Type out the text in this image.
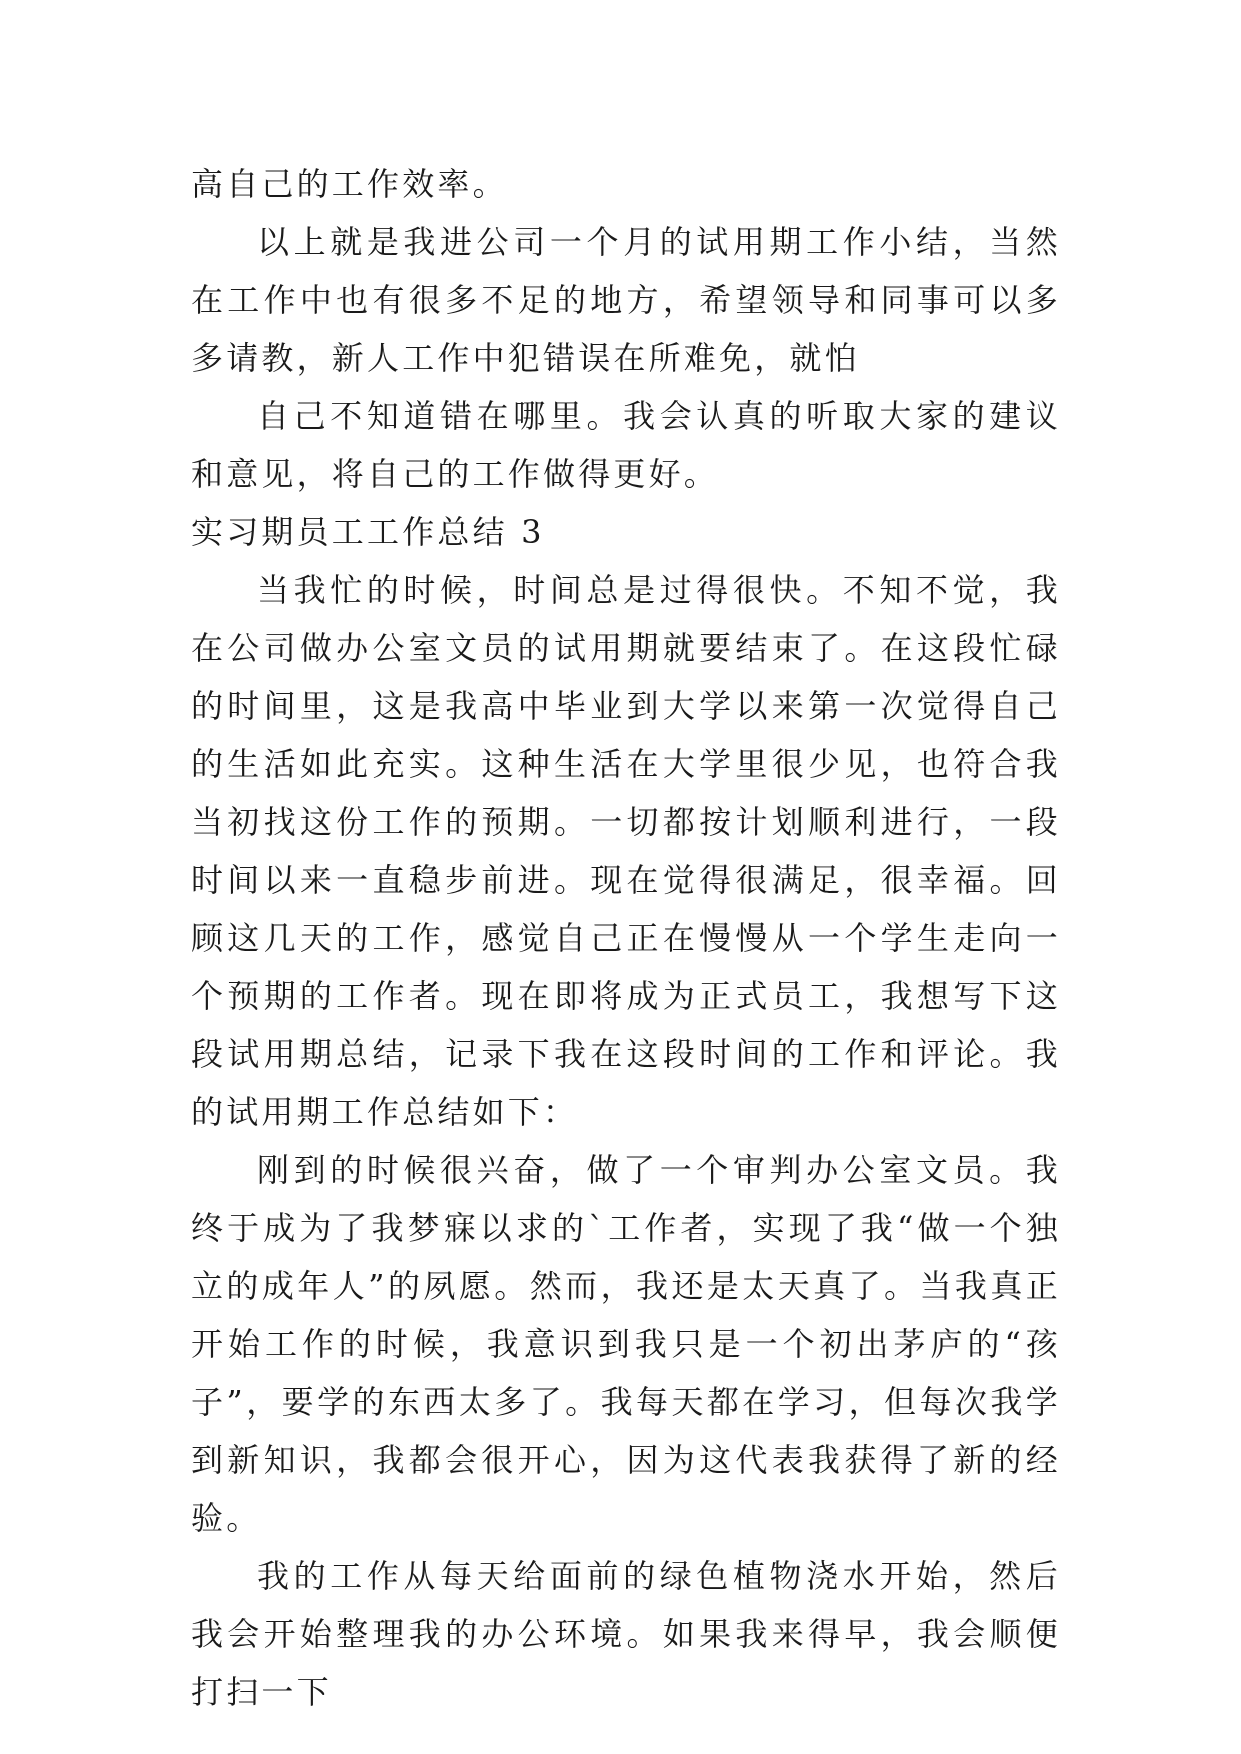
高自己的工作效率。

以上就是我进公司一个月的试用期工作小结，当然在工作中也有很多不足的地方，希望领导和同事可以多多请教，新人工作中犯错误在所难免，就怕

自己不知道错在哪里。我会认真的听取大家的建议和意见，将自己的工作做得更好。

实习期员工工作总结 3

当我忙的时候，时间总是过得很快。不知不觉，我在公司做办公室文员的试用期就要结束了。在这段忙碌的时间里，这是我高中毕业到大学以来第一次觉得自己的生活如此充实。这种生活在大学里很少见，也符合我当初找这份工作的预期。一切都按计划顺利进行，一段时间以来一直稳步前进。现在觉得很满足，很幸福。回顾这几天的工作，感觉自己正在慢慢从一个学生走向一个预期的工作者。现在即将成为正式员工，我想写下这段试用期总结，记录下我在这段时间的工作和评论。我的试用期工作总结如下：

刚到的时候很兴奋，做了一个审判办公室文员。我终于成为了我梦寐以求的`工作者，实现了我“做一个独立的成年人”的夙愿。然而，我还是太天真了。当我真正开始工作的时候，我意识到我只是一个初出茅庐的“孩子”，要学的东西太多了。我每天都在学习，但每次我学到新知识，我都会很开心，因为这代表我获得了新的经验。

我的工作从每天给面前的绿色植物浇水开始，然后我会开始整理我的办公环境。如果我来得早，我会顺便打扫一下
